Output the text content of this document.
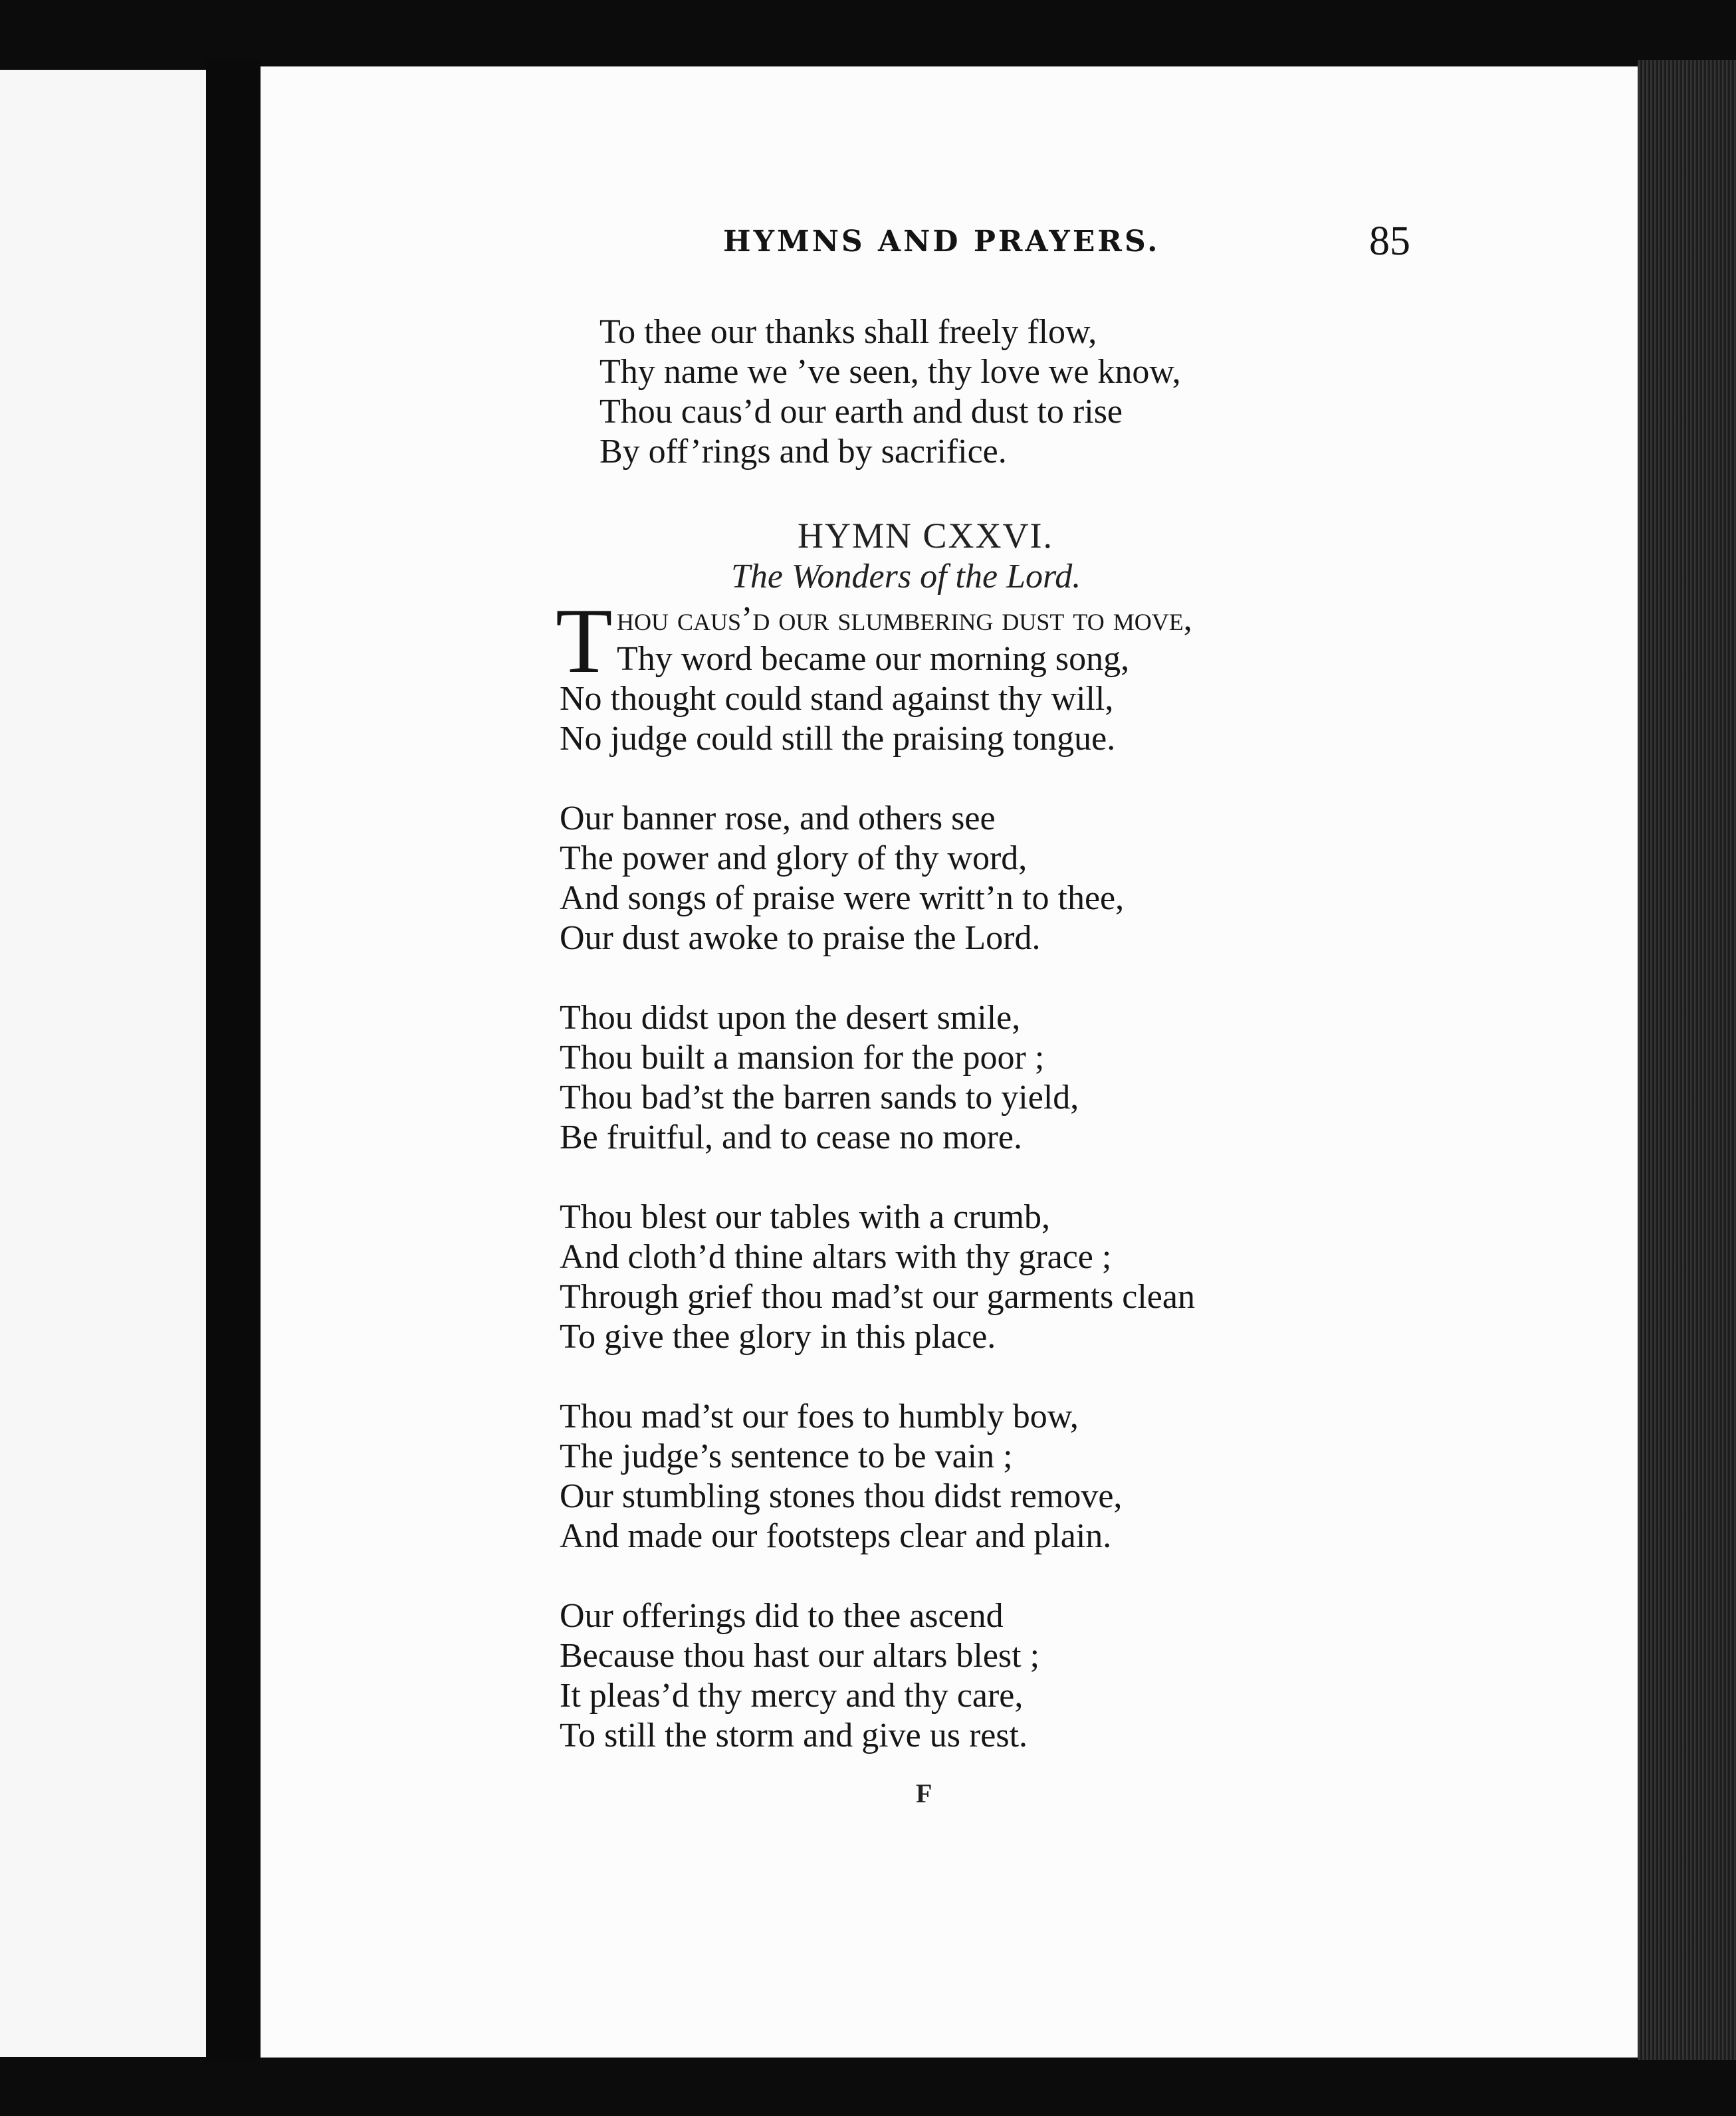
HYMNS AND PRAYERS.	85
To thee our thanks shall freely flow,
Thy name we ’ve seen, thy love we know,
Thou caus’d our earth and dust to rise
By off’rings and by sacrifice.
HYMN CXXVI.
The Wonders of the Lord.
T hou caus’d our slumbering dust to move,
Thy word became our morning song,
No thought could stand against thy will,
No judge could still the praising tongue.
Our banner rose, and others see
The power and glory of thy word,
And songs of praise were writt’n to thee,
Our dust awoke to praise the Lord.
Thou didst upon the desert smile,
Thou built a mansion for the poor ;
Thou bad’st the barren sands to yield,
Be fruitful, and to cease no more.
Thou blest our tables with a crumb,
And cloth’d thine altars with thy grace ;
Through grief thou mad’st our garments clean
To give thee glory in this place.
Thou mad’st our foes to humbly bow,
The judge’s sentence to be vain ;
Our stumbling stones thou didst remove,
And made our footsteps clear and plain.
Our offerings did to thee ascend
Because thou hast our altars blest ;
It pleas’d thy mercy and thy care,
To still the storm and give us rest.
F
